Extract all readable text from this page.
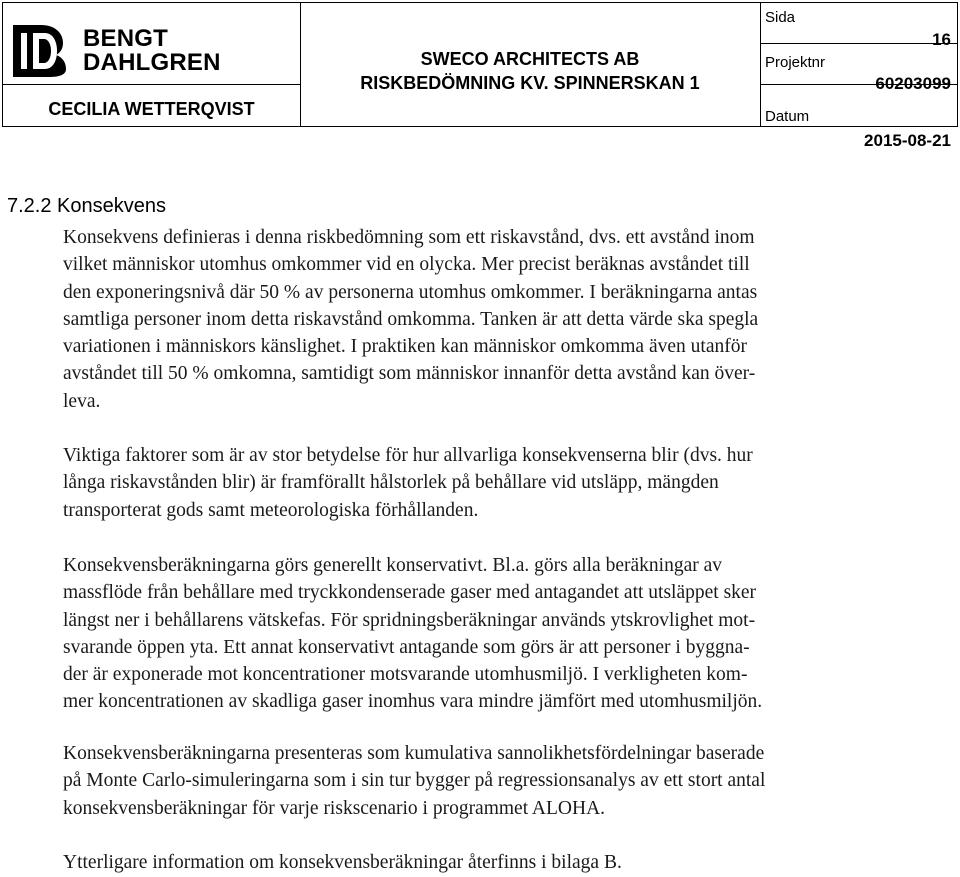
BENGT
DAHLGREN
CECILIA WETTERQVIST
SWECO ARCHITECTS AB
RISKBEDÖMNING KV. SPINNERSKAN 1
Sida
16
Projektnr
60203099
Datum
2015-08-21
7.2.2 Konsekvens

Konsekvens definieras i denna riskbedömning som ett riskavstånd, dvs. ett avstånd inom
vilket människor utomhus omkommer vid en olycka. Mer precist beräknas avståndet till
den exponeringsnivå där 50 % av personerna utomhus omkommer. I beräkningarna antas
samtliga personer inom detta riskavstånd omkomma. Tanken är att detta värde ska spegla
variationen i människors känslighet. I praktiken kan människor omkomma även utanför
avståndet till 50 % omkomna, samtidigt som människor innanför detta avstånd kan över-
leva.

Viktiga faktorer som är av stor betydelse för hur allvarliga konsekvenserna blir (dvs. hur
långa riskavstånden blir) är framförallt hålstorlek på behållare vid utsläpp, mängden
transporterat gods samt meteorologiska förhållanden.

Konsekvensberäkningarna görs generellt konservativt. Bl.a. görs alla beräkningar av
massflöde från behållare med tryckkondenserade gaser med antagandet att utsläppet sker
längst ner i behållarens vätskefas. För spridningsberäkningar används ytskrovlighet mot-
svarande öppen yta. Ett annat konservativt antagande som görs är att personer i byggna-
der är exponerade mot koncentrationer motsvarande utomhusmiljö. I verkligheten kom-
mer koncentrationen av skadliga gaser inomhus vara mindre jämfört med utomhusmiljön.

Konsekvensberäkningarna presenteras som kumulativa sannolikhetsfördelningar baserade
på Monte Carlo-simuleringarna som i sin tur bygger på regressionsanalys av ett stort antal
konsekvensberäkningar för varje riskscenario i programmet ALOHA.

Ytterligare information om konsekvensberäkningar återfinns i bilaga B.
